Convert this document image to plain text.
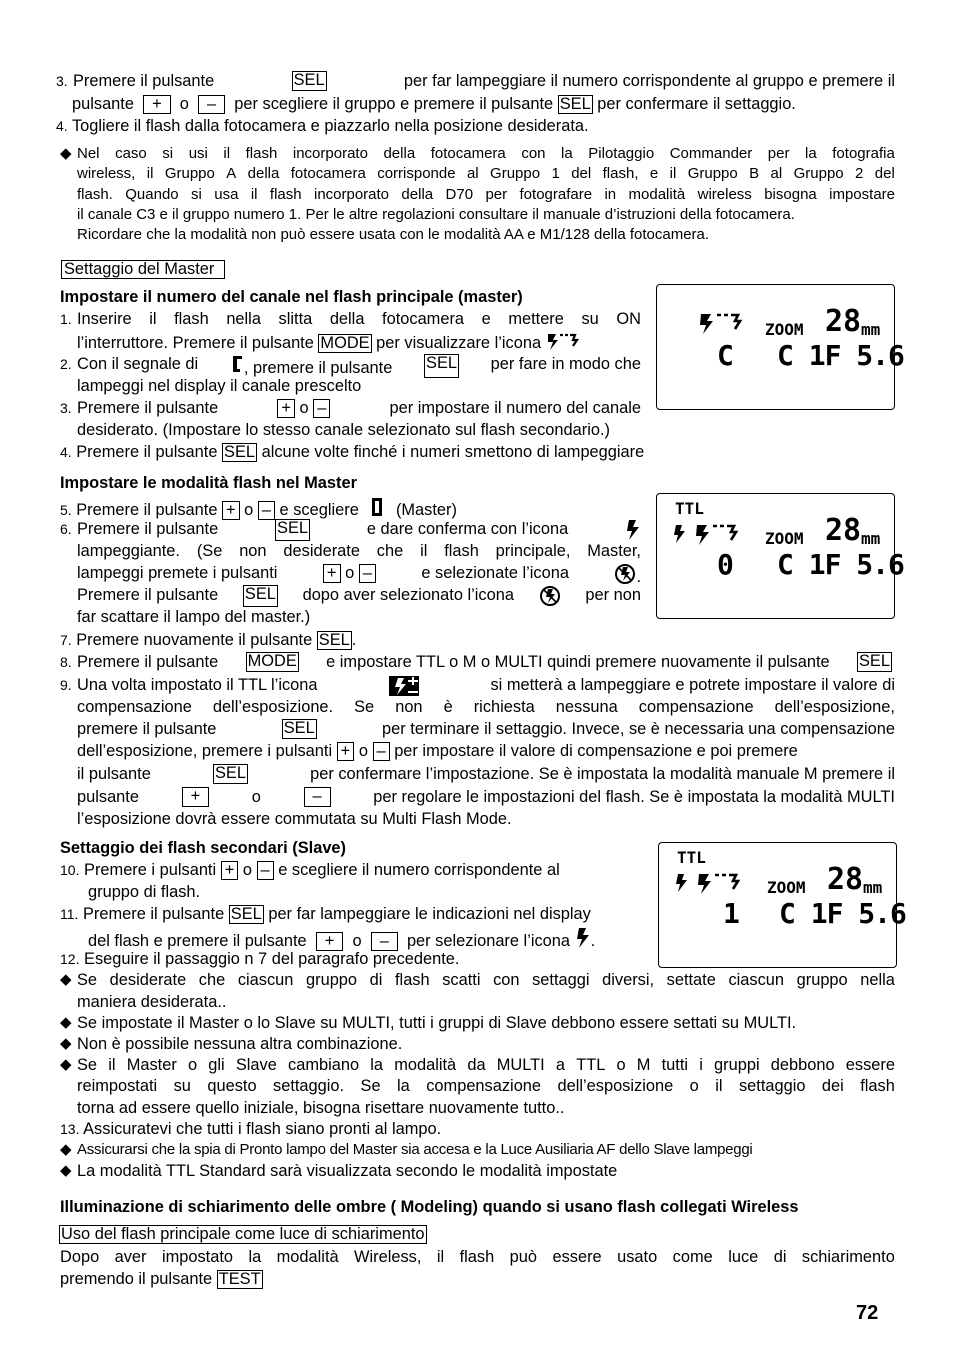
3. Premere il pulsante	SEL	per far lampeggiare il numero corrispondente al gruppo e premere il
pulsante + o – per scegliere il gruppo e premere il pulsante SEL per confermare il settaggio.
4. Togliere il flash dalla fotocamera e piazzarlo nella posizione desiderata.
◆ Nel caso si usi il flash incorporato della fotocamera con la Pilotaggio Commander per la fotografia
wireless, il Gruppo A della fotocamera corrisponde al Gruppo 1 del flash, e il Gruppo B al Gruppo 2 del
flash. Quando si usa il flash incorporato della D70 per fotografare in modalità wireless bisogna impostare
il canale C3 e il gruppo numero 1. Per le altre regolazioni consultare il manuale d’istruzioni della fotocamera.
Ricordare che la modalità non può essere usata con le modalità AA e M1/128 della fotocamera.
Settaggio del Master
Impostare il numero del canale nel flash principale (master)
1. Inserire il flash nella slitta della fotocamera e mettere su ON
l’interruttore. Premere il pulsante MODE per visualizzare l’icona
2. Con il segnale di	, premere il pulsante SEL per fare in modo che
lampeggi nel display il canale prescelto
3. Premere il pulsante	+ o –	per impostare il numero del canale
desiderato. (Impostare lo stesso canale selezionato sul flash secondario.)
4. Premere il pulsante SEL alcune volte finché i numeri smettono di lampeggiare
Impostare le modalità flash nel Master
5. Premere il pulsante + o – e scegliere (Master)
6. Premere il pulsante	SEL	e dare conferma con l’icona
lampeggiante. (Se non desiderate che il flash principale, Master,
lampeggi premete i pulsanti	+ o –	e selezionate l’icona	.
Premere il pulsante SEL dopo aver selezionato l’icona	per non
far scattare il lampo del master.)
7. Premere nuovamente il pulsante SEL .
8. Premere il pulsante MODE e impostare TTL o M o MULTI quindi premere nuovamente il pulsante SEL
9. Una volta impostato il TTL l’icona	si metterà a lampeggiare e potrete impostare il valore di
compensazione dell’esposizione. Se non è richiesta nessuna compensazione dell’esposizione,
premere il pulsante	SEL	per terminare il settaggio. Invece, se è necessaria una compensazione
dell’esposizione, premere i pulsanti + o – per impostare il valore di compensazione e poi premere
il pulsante	SEL	per confermare l’impostazione. Se è impostata la modalità manuale M premere il
pulsante	+	o	–	per regolare le impostazioni del flash. Se è impostata la modalità MULTI
l’esposizione dovrà essere commutata su Multi Flash Mode.
Settaggio dei flash secondari (Slave)
10. Premere i pulsanti + o – e scegliere il numero corrispondente al
gruppo di flash.
11. Premere il pulsante SEL per far lampeggiare le indicazioni nel display
del flash e premere il pulsante + o – per selezionare l’icona .
12. Eseguire il passaggio n 7 del paragrafo precedente.
◆ Se desiderate che ciascun gruppo di flash scatti con settaggi diversi, settate ciascun gruppo nella
maniera desiderata..
◆ Se impostate il Master o lo Slave su MULTI, tutti i gruppi di Slave debbono essere settati su MULTI.
◆ Non è possibile nessuna altra combinazione.
◆ Se il Master o gli Slave cambiano la modalità da MULTI a TTL o M tutti i gruppi debbono essere
reimpostati su questo settaggio. Se la compensazione dell’esposizione o il settaggio dei flash
torna ad essere quello iniziale, bisogna risettare nuovamente tutto..
13. Assicuratevi che tutti i flash siano pronti al lampo.
◆ Assicurarsi che la spia di Pronto lampo del Master sia accesa e la Luce Ausiliaria AF dello Slave lampeggi
◆ La modalità TTL Standard sarà visualizzata secondo le modalità impostate
Illuminazione di schiarimento delle ombre ( Modeling) quando si usano flash collegati Wireless
Uso del flash principale come luce di schiarimento
Dopo aver impostato la modalità Wireless, il flash può essere usato come luce di schiarimento
premendo il pulsante TEST
ZOOM 28 mm
C C 1F 5.6
TTL
ZOOM 28 mm
0 C 1F 5.6
TTL
ZOOM 28 mm
1 C 1F 5.6
72
